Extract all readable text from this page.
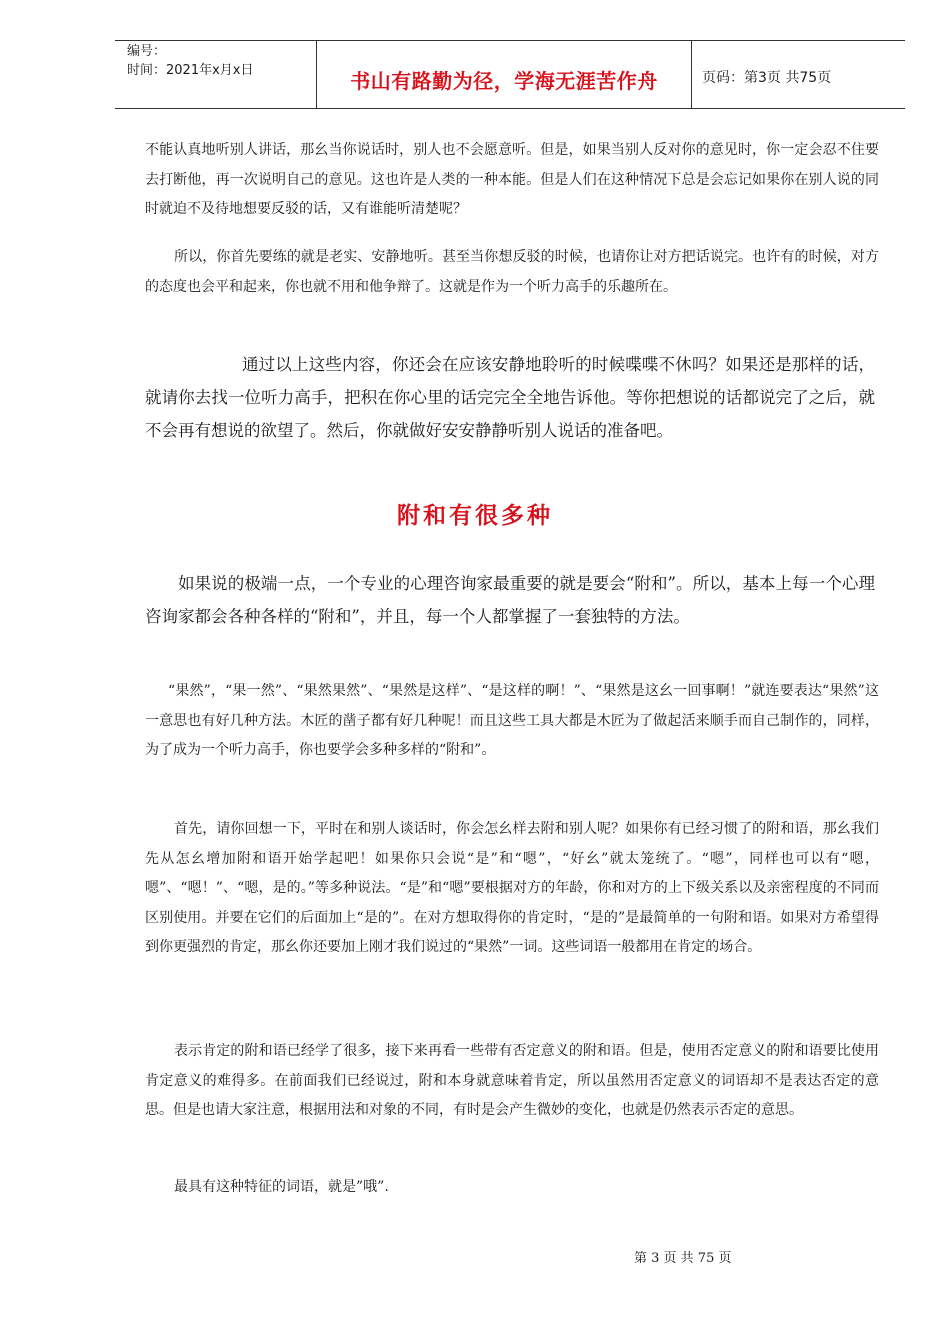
编号：
时间：2021年x月x日	书山有路勤为径，学海无涯苦作舟	页码：第3页 共75页

不能认真地听别人讲话，那幺当你说话时，别人也不会愿意听。但是，如果当别人反对你的意见时，你一定会忍不住要去打断他，再一次说明自己的意见。这也许是人类的一种本能。但是人们在这种情况下总是会忘记如果你在别人说的同时就迫不及待地想要反驳的话，又有谁能听清楚呢？

所以，你首先要练的就是老实、安静地听。甚至当你想反驳的时候，也请你让对方把话说完。也许有的时候，对方的态度也会平和起来，你也就不用和他争辩了。这就是作为一个听力高手的乐趣所在。

通过以上这些内容，你还会在应该安静地聆听的时候喋喋不休吗？如果还是那样的话，就请你去找一位听力高手，把积在你心里的话完完全全地告诉他。等你把想说的话都说完了之后，就不会再有想说的欲望了。然后，你就做好安安静静听别人说话的准备吧。

附和有很多种

如果说的极端一点，一个专业的心理咨询家最重要的就是要会“附和”。所以，基本上每一个心理咨询家都会各种各样的“附和”，并且，每一个人都掌握了一套独特的方法。

“果然”，“果一然”、“果然果然”、“果然是这样”、“是这样的啊！”、“果然是这幺一回事啊！”就连要表达“果然”这一意思也有好几种方法。木匠的凿子都有好几种呢！而且这些工具大都是木匠为了做起活来顺手而自己制作的，同样，为了成为一个听力高手，你也要学会多种多样的“附和”。

首先，请你回想一下，平时在和别人谈话时，你会怎幺样去附和别人呢？如果你有已经习惯了的附和语，那幺我们先从怎幺增加附和语开始学起吧！如果你只会说“是”和“嗯”，“好幺”就太笼统了。“嗯”，同样也可以有“嗯，嗯”、“嗯！”、“嗯，是的。”等多种说法。“是”和“嗯”要根据对方的年龄，你和对方的上下级关系以及亲密程度的不同而区别使用。并要在它们的后面加上“是的”。在对方想取得你的肯定时，“是的”是最简单的一句附和语。如果对方希望得到你更强烈的肯定，那幺你还要加上刚才我们说过的“果然”一词。这些词语一般都用在肯定的场合。

表示肯定的附和语已经学了很多，接下来再看一些带有否定意义的附和语。但是，使用否定意义的附和语要比使用肯定意义的难得多。在前面我们已经说过，附和本身就意味着肯定，所以虽然用否定意义的词语却不是表达否定的意思。但是也请大家注意，根据用法和对象的不同，有时是会产生微妙的变化，也就是仍然表示否定的意思。

最具有这种特征的词语，就是”哦”.

第 3 页 共 75 页
